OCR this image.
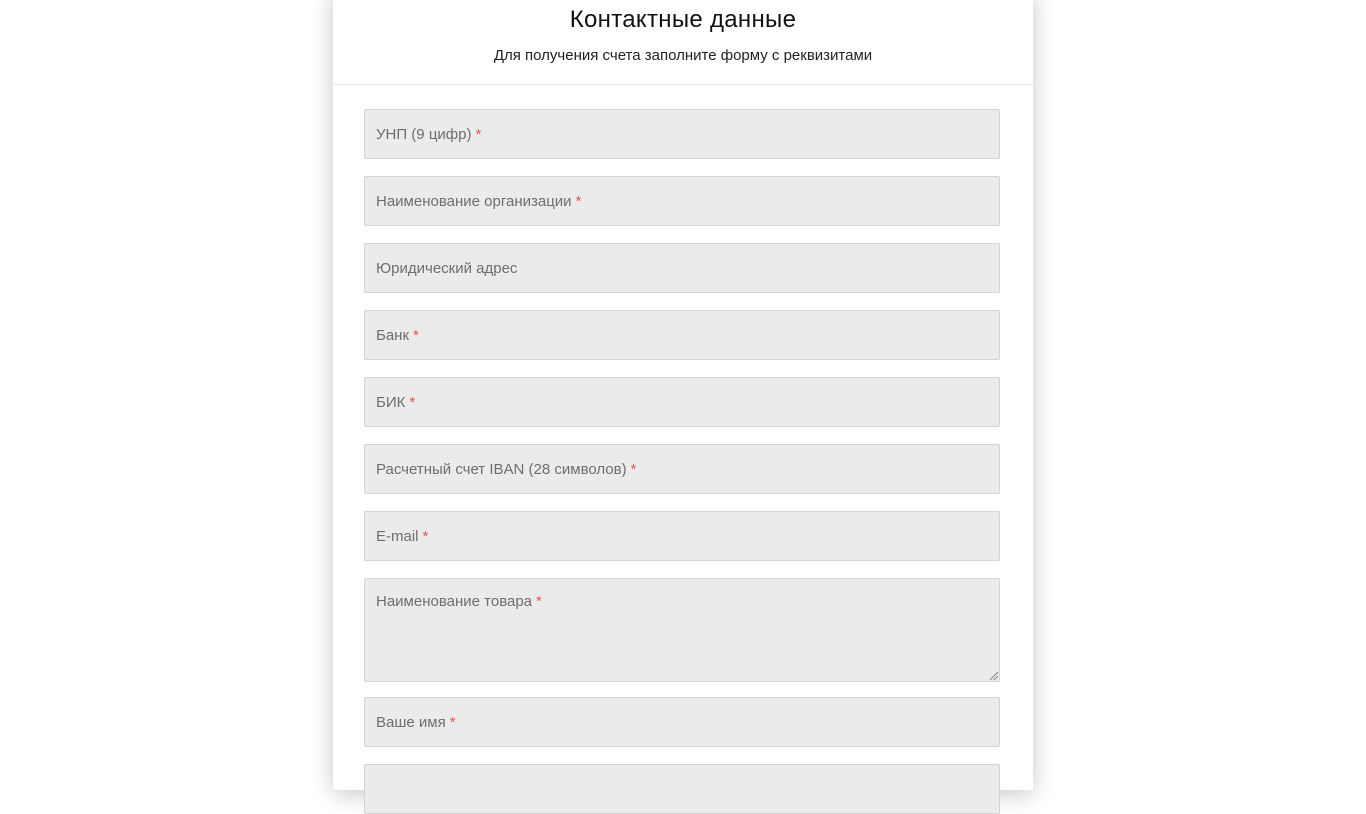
Контактные данные
Для получения счета заполните форму с реквизитами
УНП (9 цифр) *
Наименование организации *
Юридический адрес
Банк *
БИК *
Расчетный счет IBAN (28 символов) *
E-mail *
Наименование товара *
Ваше имя *
